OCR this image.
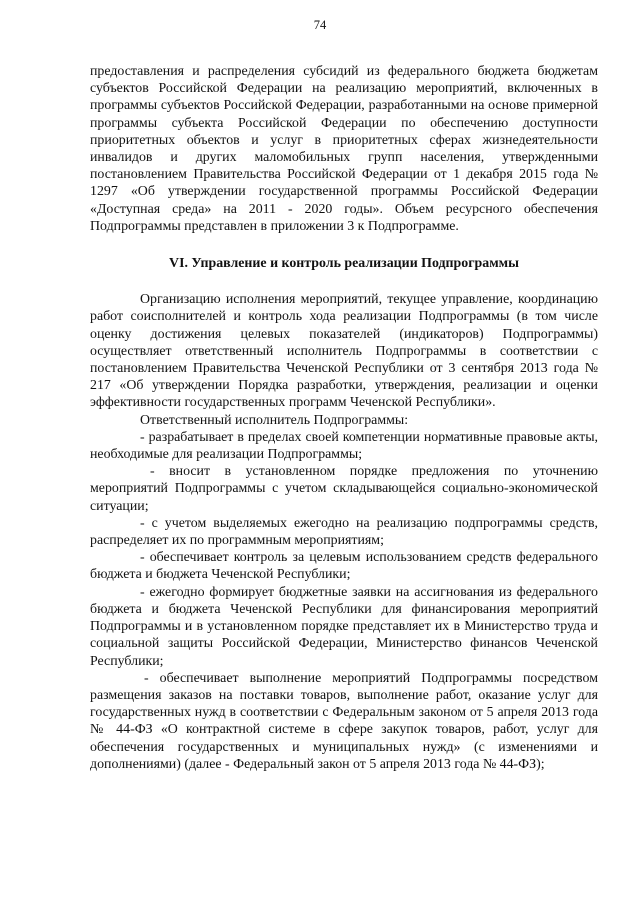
74

предоставления и распределения субсидий из федерального бюджета бюджетам субъектов Российской Федерации на реализацию мероприятий, включенных в программы субъектов Российской Федерации, разработанными на основе примерной программы субъекта Российской Федерации по обеспечению доступности приоритетных объектов и услуг в приоритетных сферах жизнедеятельности инвалидов и других маломобильных групп населения, утвержденными постановлением Правительства Российской Федерации от 1 декабря 2015 года № 1297 «Об утверждении государственной программы Российской Федерации «Доступная среда» на 2011 - 2020 годы». Объем ресурсного обеспечения Подпрограммы представлен в приложении 3 к Подпрограмме.

VI. Управление и контроль реализации Подпрограммы

Организацию исполнения мероприятий, текущее управление, координацию работ соисполнителей и контроль хода реализации Подпрограммы (в том числе оценку достижения целевых показателей (индикаторов) Подпрограммы) осуществляет ответственный исполнитель Подпрограммы в соответствии с постановлением Правительства Чеченской Республики от 3 сентября 2013 года № 217 «Об утверждении Порядка разработки, утверждения, реализации и оценки эффективности государственных программ Чеченской Республики».

Ответственный исполнитель Подпрограммы:

- разрабатывает в пределах своей компетенции нормативные правовые акты, необходимые для реализации Подпрограммы;

- вносит в установленном порядке предложения по уточнению мероприятий Подпрограммы с учетом складывающейся социально-экономической ситуации;

- с учетом выделяемых ежегодно на реализацию подпрограммы средств, распределяет их по программным мероприятиям;

- обеспечивает контроль за целевым использованием средств федерального бюджета и бюджета Чеченской Республики;

- ежегодно формирует бюджетные заявки на ассигнования из федерального бюджета и бюджета Чеченской Республики для финансирования мероприятий Подпрограммы и в установленном порядке представляет их в Министерство труда и социальной защиты Российской Федерации, Министерство финансов Чеченской Республики;

- обеспечивает выполнение мероприятий Подпрограммы посредством размещения заказов на поставки товаров, выполнение работ, оказание услуг для государственных нужд в соответствии с Федеральным законом от 5 апреля 2013 года № 44-ФЗ «О контрактной системе в сфере закупок товаров, работ, услуг для обеспечения государственных и муниципальных нужд» (с изменениями и дополнениями) (далее - Федеральный закон от 5 апреля 2013 года № 44-ФЗ);
